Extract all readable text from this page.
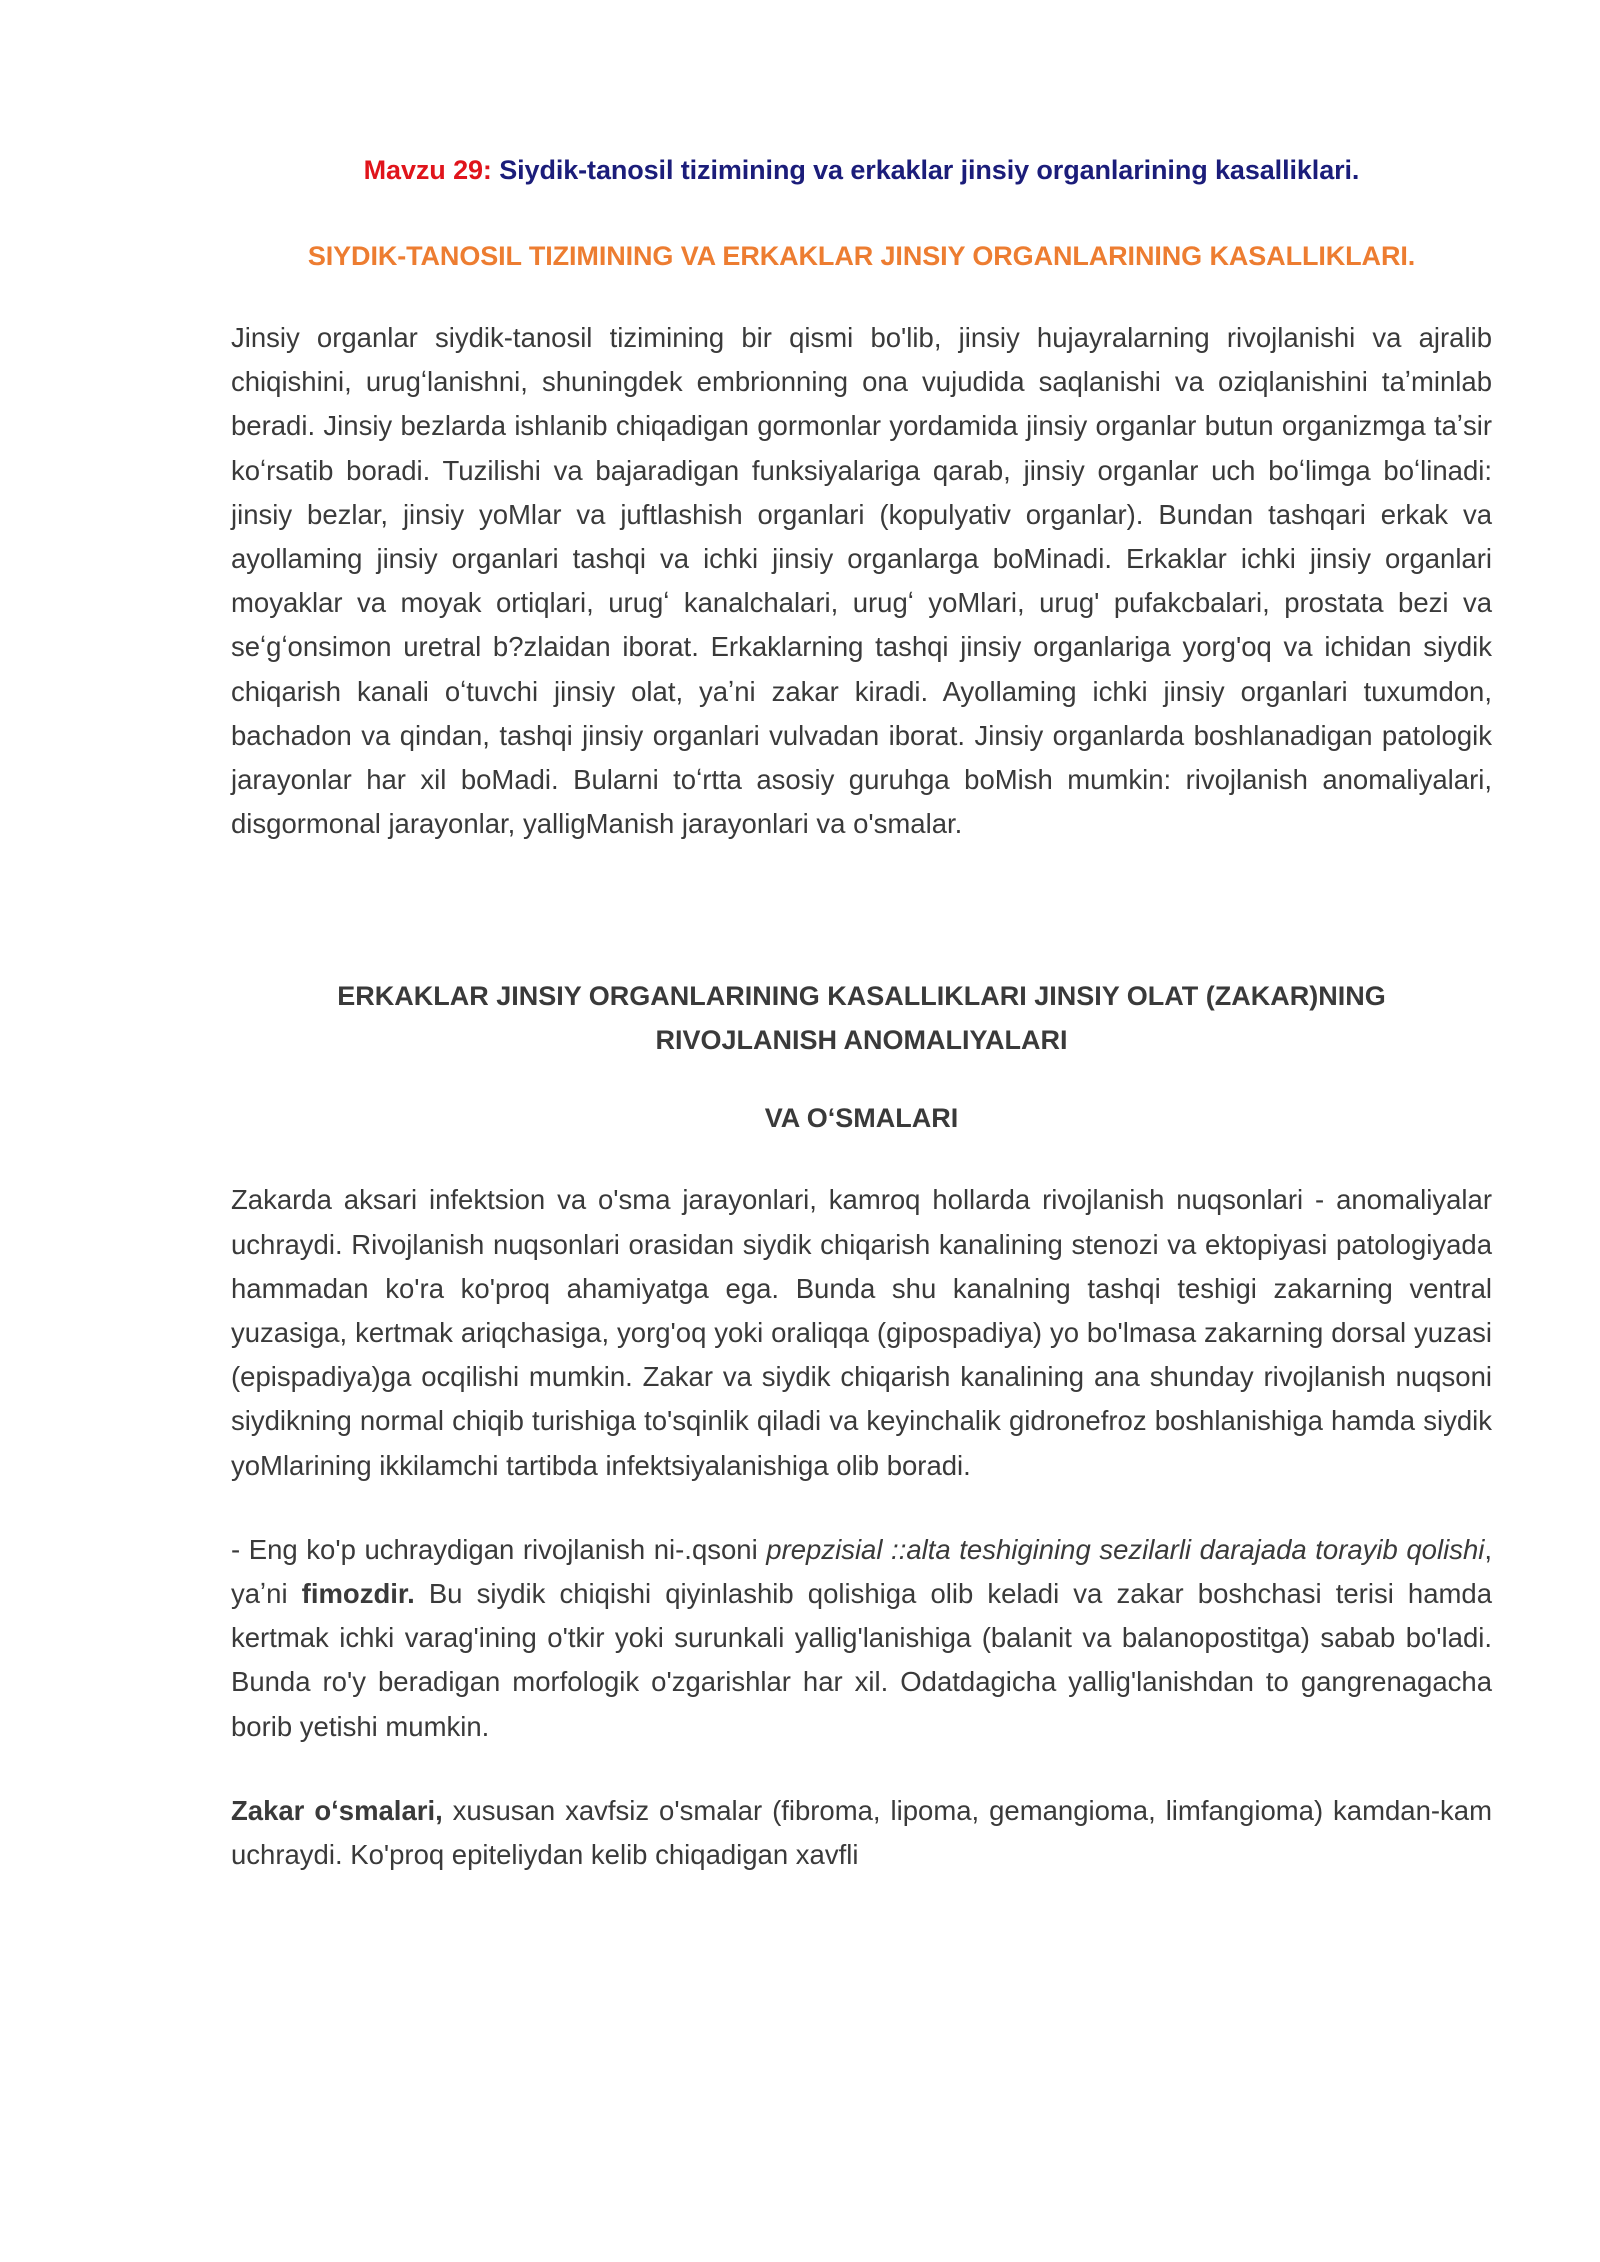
Mavzu 29: Siydik-tanosil tizimining va erkaklar jinsiy organlarining kasalliklari.
SIYDIK-TANOSIL TIZIMINING VA ERKAKLAR JINSIY ORGANLARINING KASALLIKLARI.

Jinsiy organlar siydik-tanosil tizimining bir qismi bo'lib, jinsiy hujayralarning rivojlanishi va ajralib chiqishini, urugʻlanishni, shuningdek embrionning ona vujudida saqlanishi va oziqlanishini taʼminlab beradi. Jinsiy bezlarda ishlanib chiqadigan gormonlar yordamida jinsiy organlar butun organizmga taʼsir koʻrsatib boradi. Tuzilishi va bajaradigan funksiyalariga qarab, jinsiy organlar uch boʻlimga boʻlinadi: jinsiy bezlar, jinsiy yoMlar va juftlashish organlari (kopulyativ organlar). Bundan tashqari erkak va ayollaming jinsiy organlari tashqi va ichki jinsiy organlarga boMinadi. Erkaklar ichki jinsiy organlari moyaklar va moyak ortiqlari, urugʻ kanalchalari, urugʻ yoMlari, urug' pufakcbalari, prostata bezi va seʻgʻonsimon uretral b?zlaidan iborat. Erkaklarning tashqi jinsiy organlariga yorg'oq va ichidan siydik chiqarish kanali oʻtuvchi jinsiy olat, yaʼni zakar kiradi. Ayollaming ichki jinsiy organlari tuxumdon, bachadon va qindan, tashqi jinsiy organlari vulvadan iborat. Jinsiy organlarda boshlanadigan patologik jarayonlar har xil boMadi. Bularni toʻrtta asosiy guruhga boMish mumkin: rivojlanish anomaliyalari, disgormonal jarayonlar, yalligManish jarayonlari va o'smalar.

ERKAKLAR JINSIY ORGANLARINING KASALLIKLARI JINSIY OLAT (ZAKAR)NING
RIVOJLANISH ANOMALIYALARI
VA OʻSMALARI

Zakarda aksari infektsion va o'sma jarayonlari, kamroq hollarda rivojlanish nuqsonlari - anomaliyalar uchraydi. Rivojlanish nuqsonlari orasidan siydik chiqarish kanalining stenozi va ektopiyasi patologiyada hammadan ko'ra ko'proq ahamiyatga ega. Bunda shu kanalning tashqi teshigi zakarning ventral yuzasiga, kertmak ariqchasiga, yorg'oq yoki oraliqqa (gipospadiya) yo bo'lmasa zakarning dorsal yuzasi (epispadiya)ga ocqilishi mumkin. Zakar va siydik chiqarish kanalining ana shunday rivojlanish nuqsoni siydikning normal chiqib turishiga to'sqinlik qiladi va keyinchalik gidronefroz boshlanishiga hamda siydik yoMlarining ikkilamchi tartibda infektsiyalanishiga olib boradi.

- Eng ko'p uchraydigan rivojlanish ni-.qsoni prepzisial ::alta teshigining sezilarli darajada torayib qolishi, yaʼni fimozdir. Bu siydik chiqishi qiyinlashib qolishiga olib keladi va zakar boshchasi terisi hamda kertmak ichki varag'ining o'tkir yoki surunkali yallig'lanishiga (balanit va balanopostitga) sabab bo'ladi. Bunda ro'y beradigan morfologik o'zgarishlar har xil. Odatdagicha yallig'lanishdan to gangrenagacha borib yetishi mumkin.

Zakar oʻsmalari, xususan xavfsiz o'smalar (fibroma, lipoma, gemangioma, limfangioma) kamdan-kam uchraydi. Ko'proq epiteliydan kelib chiqadigan xavfli
